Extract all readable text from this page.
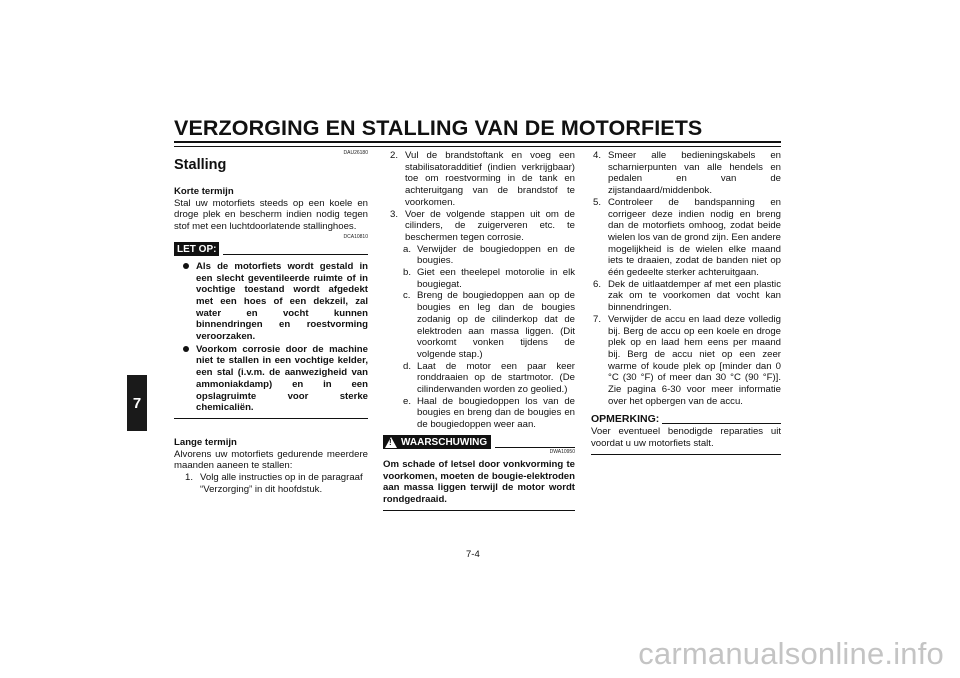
VERZORGING EN STALLING VAN DE MOTORFIETS
7
DAU26180
Stalling
Korte termijn
Stal uw motorfiets steeds op een koele en droge plek en bescherm indien nodig tegen stof met een luchtdoorlatende stallinghoes.
DCA10810
LET OP:
Als de motorfiets wordt gestald in een slecht geventileerde ruimte of in vochtige toestand wordt afgedekt met een hoes of een dekzeil, zal water en vocht kunnen binnendringen en roestvorming veroorzaken.
Voorkom corrosie door de machine niet te stallen in een vochtige kelder, een stal (i.v.m. de aanwezigheid van ammoniakdamp) en in een opslagruimte voor sterke chemicaliën.
Lange termijn
Alvorens uw motorfiets gedurende meerdere maanden aaneen te stallen:
1. Volg alle instructies op in de paragraaf “Verzorging” in dit hoofdstuk.
2. Vul de brandstoftank en voeg een stabilisatoradditief (indien verkrijgbaar) toe om roestvorming in de tank en achteruitgang van de brandstof te voorkomen.
3. Voer de volgende stappen uit om de cilinders, de zuigerveren etc. te beschermen tegen corrosie.
a. Verwijder de bougiedoppen en de bougies.
b. Giet een theelepel motorolie in elk bougiegat.
c. Breng de bougiedoppen aan op de bougies en leg dan de bougies zodanig op de cilinderkop dat de elektroden aan massa liggen. (Dit voorkomt vonken tijdens de volgende stap.)
d. Laat de motor een paar keer ronddraaien op de startmotor. (De cilinderwanden worden zo geolied.)
e. Haal de bougiedoppen los van de bougies en breng dan de bougies en de bougiedoppen weer aan.
! WAARSCHUWING
DWA10950
Om schade of letsel door vonkvorming te voorkomen, moeten de bougie-elektroden aan massa liggen terwijl de motor wordt rondgedraaid.
4. Smeer alle bedieningskabels en scharnierpunten van alle hendels en pedalen en van de zijstandaard/middenbok.
5. Controleer de bandspanning en corrigeer deze indien nodig en breng dan de motorfiets omhoog, zodat beide wielen los van de grond zijn. Een andere mogelijkheid is de wielen elke maand iets te draaien, zodat de banden niet op één gedeelte sterker achteruitgaan.
6. Dek de uitlaatdemper af met een plastic zak om te voorkomen dat vocht kan binnendringen.
7. Verwijder de accu en laad deze volledig bij. Berg de accu op een koele en droge plek op en laad hem eens per maand bij. Berg de accu niet op een zeer warme of koude plek op [minder dan 0 °C (30 °F) of meer dan 30 °C (90 °F)]. Zie pagina 6-30 voor meer informatie over het opbergen van de accu.
OPMERKING:
Voer eventueel benodigde reparaties uit voordat u uw motorfiets stalt.
7-4
carmanualsonline.info
